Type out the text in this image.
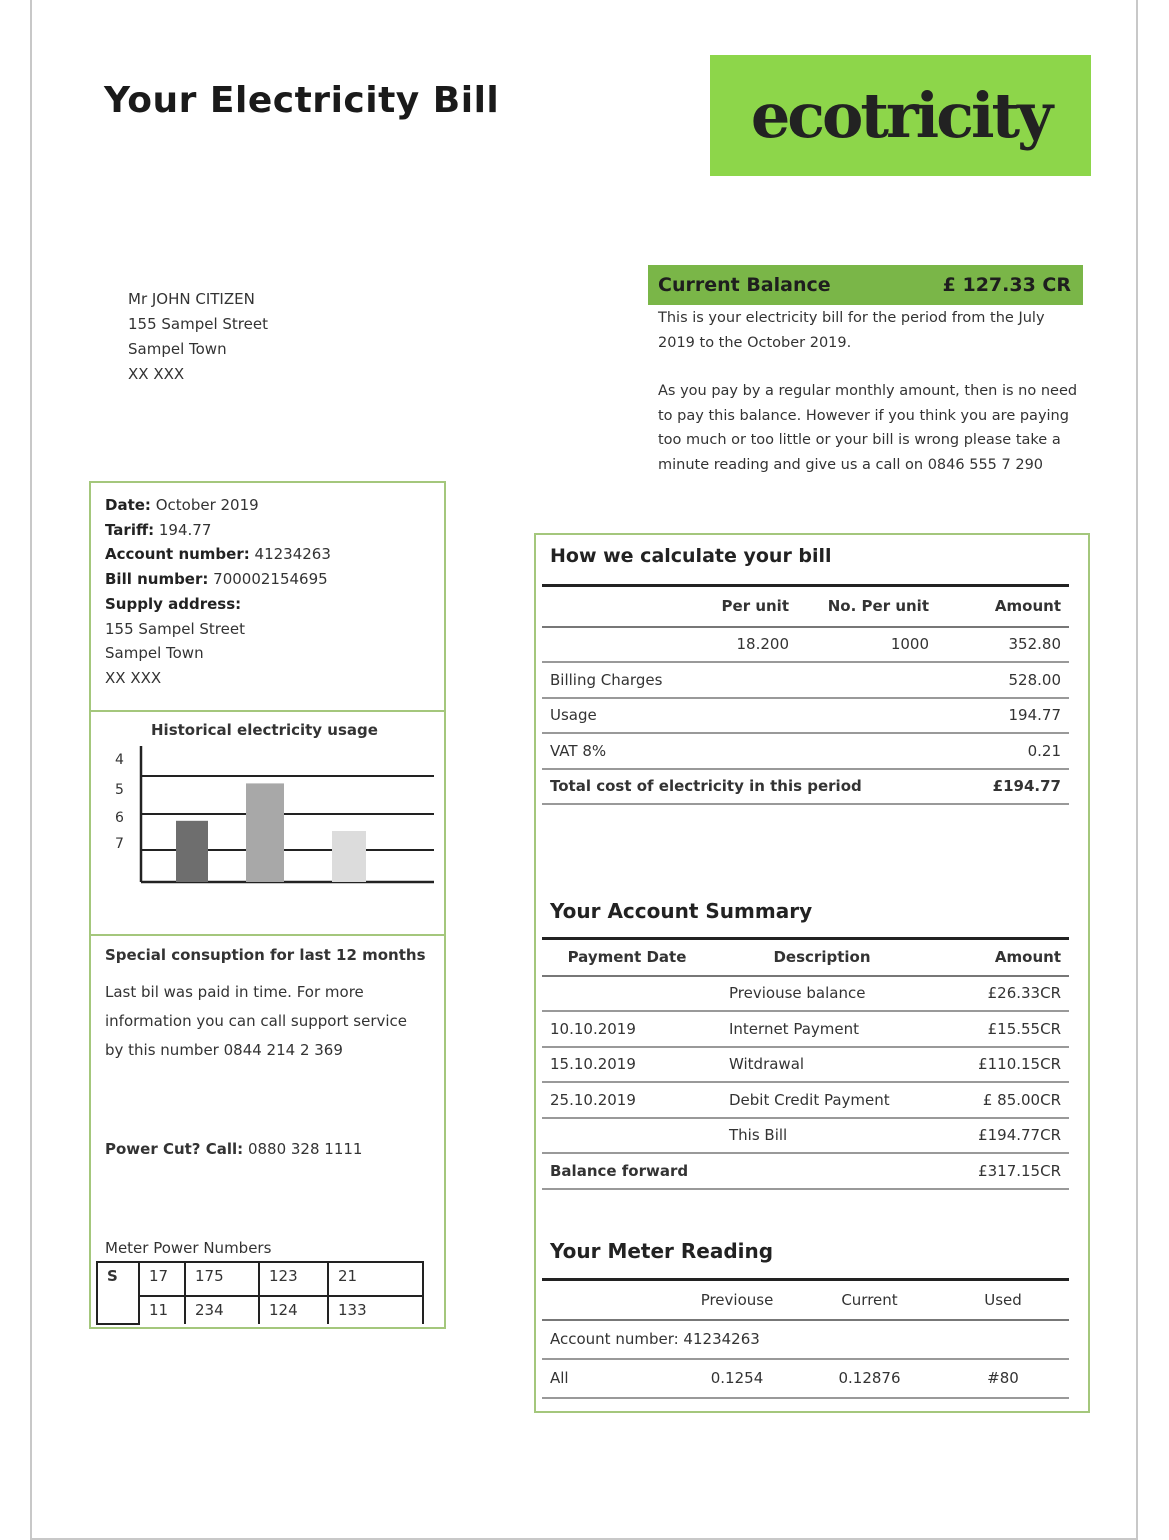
Your Electricity Bill	ecotricity
Mr JOHN CITIZEN
155 Sampel Street
Sampel Town
XX XXX
Current Balance	£ 127.33 CR

This is your electricity bill for the period from the July 2019 to the October 2019.

As you pay by a regular monthly amount, then is no need to pay this balance. However if you think you are paying too much or too little or your bill is wrong please take a minute reading and give us a call on 0846 555 7 290

Date: October 2019
Tariff: 194.77
Account number: 41234263
Bill number: 700002154695
Supply address:
155 Sampel Street
Sampel Town
XX XXX
Historical electricity usage
4
5
6
7
Special consuption for last 12 months
Last bil was paid in time. For more information you can call support service by this number 0844 214 2 369
Power Cut? Call: 0880 328 1111
Meter Power Numbers
S	17	175	123	21
	11	234	124	133
How we calculate your bill
	Per unit	No. Per unit	Amount
	18.200	1000	352.80
Billing Charges			528.00
Usage			194.77
VAT 8%			0.21
Total cost of electricity in this period			£194.77
Your Account Summary
Payment Date	Description	Amount
	Previouse balance	£26.33CR
10.10.2019	Internet Payment	£15.55CR
15.10.2019	Witdrawal	£110.15CR
25.10.2019	Debit Credit Payment	£ 85.00CR
	This Bill	£194.77CR
Balance forward		£317.15CR
Your Meter Reading
	Previouse	Current	Used
Account number: 41234263			
All	0.1254	0.12876	#80
